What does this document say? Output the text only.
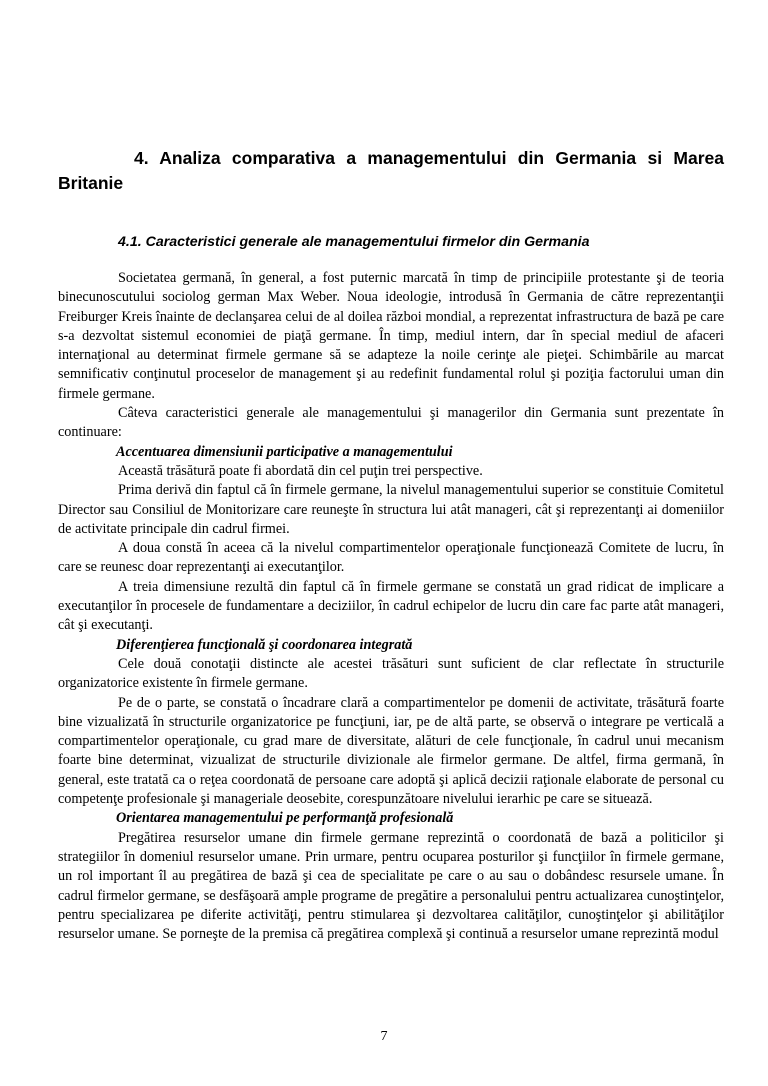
4. Analiza comparativa a managementului din Germania si Marea Britanie
4.1. Caracteristici generale ale managementului firmelor din Germania

Societatea germană, în general, a fost puternic marcată în timp de principiile protestante şi de teoria binecunoscutului sociolog german Max Weber. Noua ideologie, introdusă în Germania de către reprezentanţii Freiburger Kreis înainte de declanşarea celui de al doilea război mondial, a reprezentat infrastructura de bază pe care s-a dezvoltat sistemul economiei de piaţă germane. În timp, mediul intern, dar în special mediul de afaceri internaţional au determinat firmele germane să se adapteze la noile cerinţe ale pieţei. Schimbările au marcat semnificativ conţinutul proceselor de management şi au redefinit fundamental rolul şi poziţia factorului uman din firmele germane.

Câteva caracteristici generale ale managementului şi managerilor din Germania sunt prezentate în continuare:

Accentuarea dimensiunii participative a managementului

Această trăsătură poate fi abordată din cel puţin trei perspective.

Prima derivă din faptul că în firmele germane, la nivelul managementului superior se constituie Comitetul Director sau Consiliul de Monitorizare care reuneşte în structura lui atât manageri, cât şi reprezentanţi ai domeniilor de activitate principale din cadrul firmei.

A doua constă în aceea că la nivelul compartimentelor operaţionale funcţionează Comitete de lucru, în care se reunesc doar reprezentanţi ai executanţilor.

A treia dimensiune rezultă din faptul că în firmele germane se constată un grad ridicat de implicare a executanţilor în procesele de fundamentare a deciziilor, în cadrul echipelor de lucru din care fac parte atât manageri, cât şi executanţi.

Diferenţierea funcţională şi coordonarea integrată

Cele două conotaţii distincte ale acestei trăsături sunt suficient de clar reflectate în structurile organizatorice existente în firmele germane.

Pe de o parte, se constată o încadrare clară a compartimentelor pe domenii de activitate, trăsătură foarte bine vizualizată în structurile organizatorice pe funcţiuni, iar, pe de altă parte, se observă o integrare pe verticală a compartimentelor operaţionale, cu grad mare de diversitate, alături de cele funcţionale, în cadrul unui mecanism foarte bine determinat, vizualizat de structurile divizionale ale firmelor germane. De altfel, firma germană, în general, este tratată ca o reţea coordonată de persoane care adoptă şi aplică decizii raţionale elaborate de personal cu competenţe profesionale şi manageriale deosebite, corespunzătoare nivelului ierarhic pe care se situează.

Orientarea managementului pe performanţă profesională

Pregătirea resurselor umane din firmele germane reprezintă o coordonată de bază a politicilor şi strategiilor în domeniul resurselor umane. Prin urmare, pentru ocuparea posturilor şi funcţiilor în firmele germane, un rol important îl au pregătirea de bază şi cea de specialitate pe care o au sau o dobândesc resursele umane. În cadrul firmelor germane, se desfăşoară ample programe de pregătire a personalului pentru actualizarea cunoştinţelor, pentru specializarea pe diferite activităţi, pentru stimularea şi dezvoltarea calităţilor, cunoştinţelor şi abilităţilor resurselor umane. Se porneşte de la premisa că pregătirea complexă şi continuă a resurselor umane reprezintă modul

7
